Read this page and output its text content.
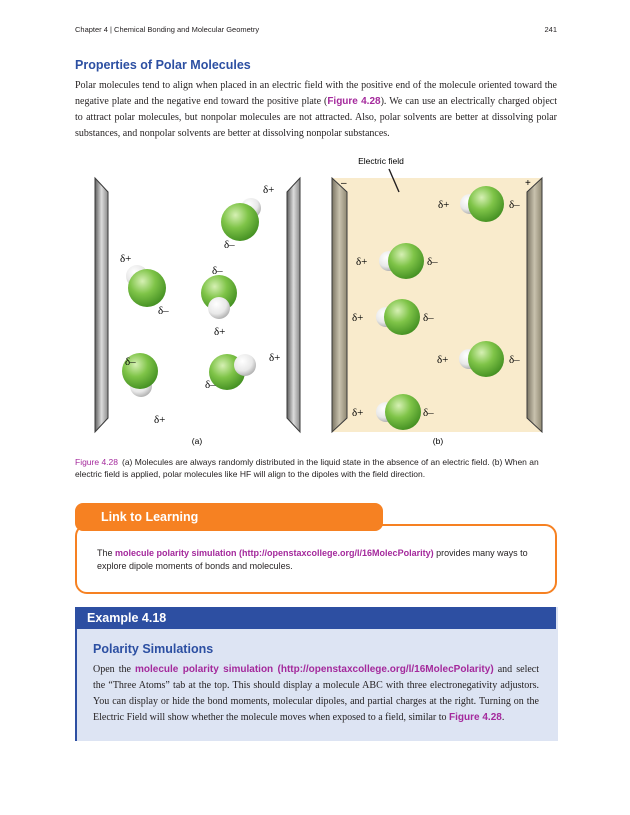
Chapter 4 | Chemical Bonding and Molecular Geometry	241
Properties of Polar Molecules

Polar molecules tend to align when placed in an electric field with the positive end of the molecule oriented toward the negative plate and the negative end toward the positive plate (Figure 4.28). We can use an electrically charged object to attract polar molecules, but nonpolar molecules are not attracted. Also, polar solvents are better at dissolving polar substances, and nonpolar solvents are better at dissolving nonpolar substances.

δ+
δ–
δ+
δ–
δ–
δ+
δ–
δ+
δ+
δ–
(a)
–	+
Electric field
δ+	δ–
δ+	δ–
δ+	δ–
δ+	δ–
δ+	δ–
(b)

Figure 4.28 (a) Molecules are always randomly distributed in the liquid state in the absence of an electric field. (b) When an electric field is applied, polar molecules like HF will align to the dipoles with the field direction.

Link to Learning

The molecule polarity simulation (http://openstaxcollege.org/l/16MolecPolarity) provides many ways to explore dipole moments of bonds and molecules.

Example 4.18
Polarity Simulations

Open the molecule polarity simulation (http://openstaxcollege.org/l/16MolecPolarity) and select the “Three Atoms” tab at the top. This should display a molecule ABC with three electronegativity adjustors. You can display or hide the bond moments, molecular dipoles, and partial charges at the right. Turning on the Electric Field will show whether the molecule moves when exposed to a field, similar to Figure 4.28.
